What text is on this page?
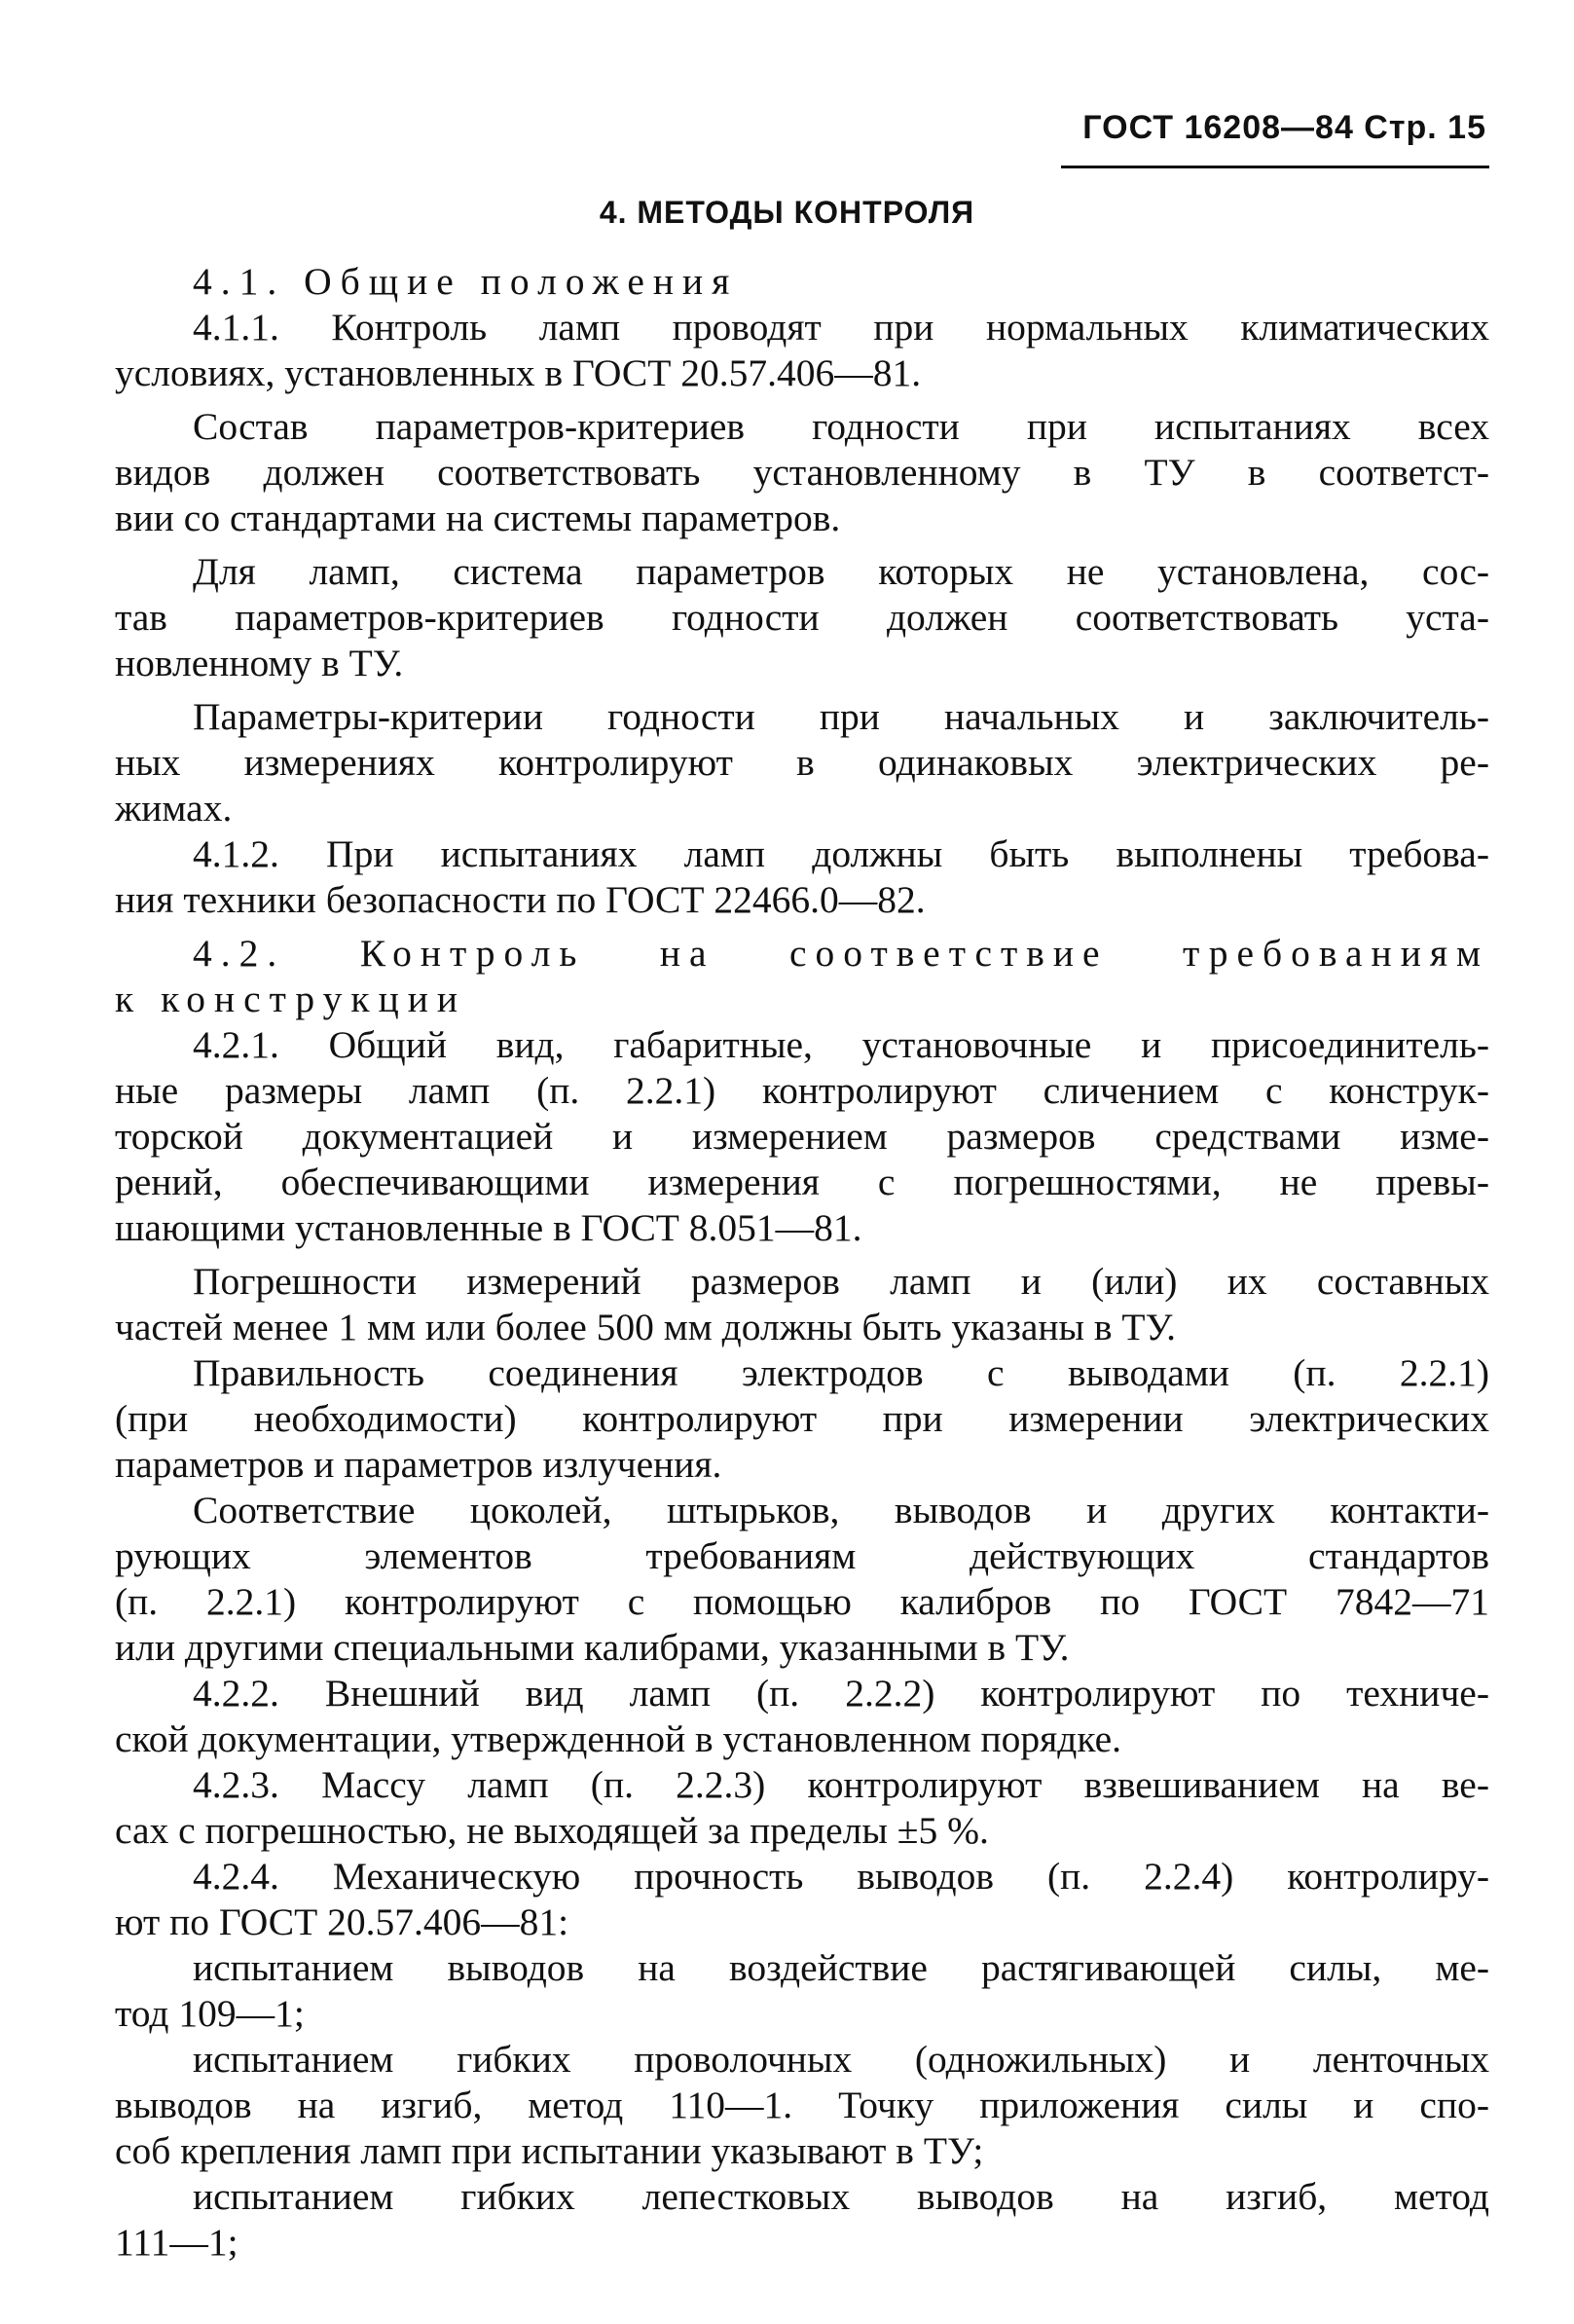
ГОСТ 16208—84 Стр. 15
4. МЕТОДЫ КОНТРОЛЯ
4.1. Общие положения
4.1.1. Контроль ламп проводят при нормальных климатических
условиях, установленных в ГОСТ 20.57.406—81.
Состав параметров-критериев годности при испытаниях всех
видов должен соответствовать установленному в ТУ в соответст-
вии со стандартами на системы параметров.
Для ламп, система параметров которых не установлена, сос-
тав параметров-критериев годности должен соответствовать уста-
новленному в ТУ.
Параметры-критерии годности при начальных и заключитель-
ных измерениях контролируют в одинаковых электрических ре-
жимах.
4.1.2. При испытаниях ламп должны быть выполнены требова-
ния техники безопасности по ГОСТ 22466.0—82.
4.2. Контроль на соответствие требованиям
к конструкции
4.2.1. Общий вид, габаритные, установочные и присоединитель-
ные размеры ламп (п. 2.2.1) контролируют сличением с конструк-
торской документацией и измерением размеров средствами изме-
рений, обеспечивающими измерения с погрешностями, не превы-
шающими установленные в ГОСТ 8.051—81.
Погрешности измерений размеров ламп и (или) их составных
частей менее 1 мм или более 500 мм должны быть указаны в ТУ.
Правильность соединения электродов с выводами (п. 2.2.1)
(при необходимости) контролируют при измерении электрических
параметров и параметров излучения.
Соответствие цоколей, штырьков, выводов и других контакти-
рующих элементов требованиям действующих стандартов
(п. 2.2.1) контролируют с помощью калибров по ГОСТ 7842—71
или другими специальными калибрами, указанными в ТУ.
4.2.2. Внешний вид ламп (п. 2.2.2) контролируют по техниче-
ской документации, утвержденной в установленном порядке.
4.2.3. Массу ламп (п. 2.2.3) контролируют взвешиванием на ве-
сах с погрешностью, не выходящей за пределы ±5 %.
4.2.4. Механическую прочность выводов (п. 2.2.4) контролиру-
ют по ГОСТ 20.57.406—81:
испытанием выводов на воздействие растягивающей силы, ме-
тод 109—1;
испытанием гибких проволочных (одножильных) и ленточных
выводов на изгиб, метод 110—1. Точку приложения силы и спо-
соб крепления ламп при испытании указывают в ТУ;
испытанием гибких лепестковых выводов на изгиб, метод
111—1;
